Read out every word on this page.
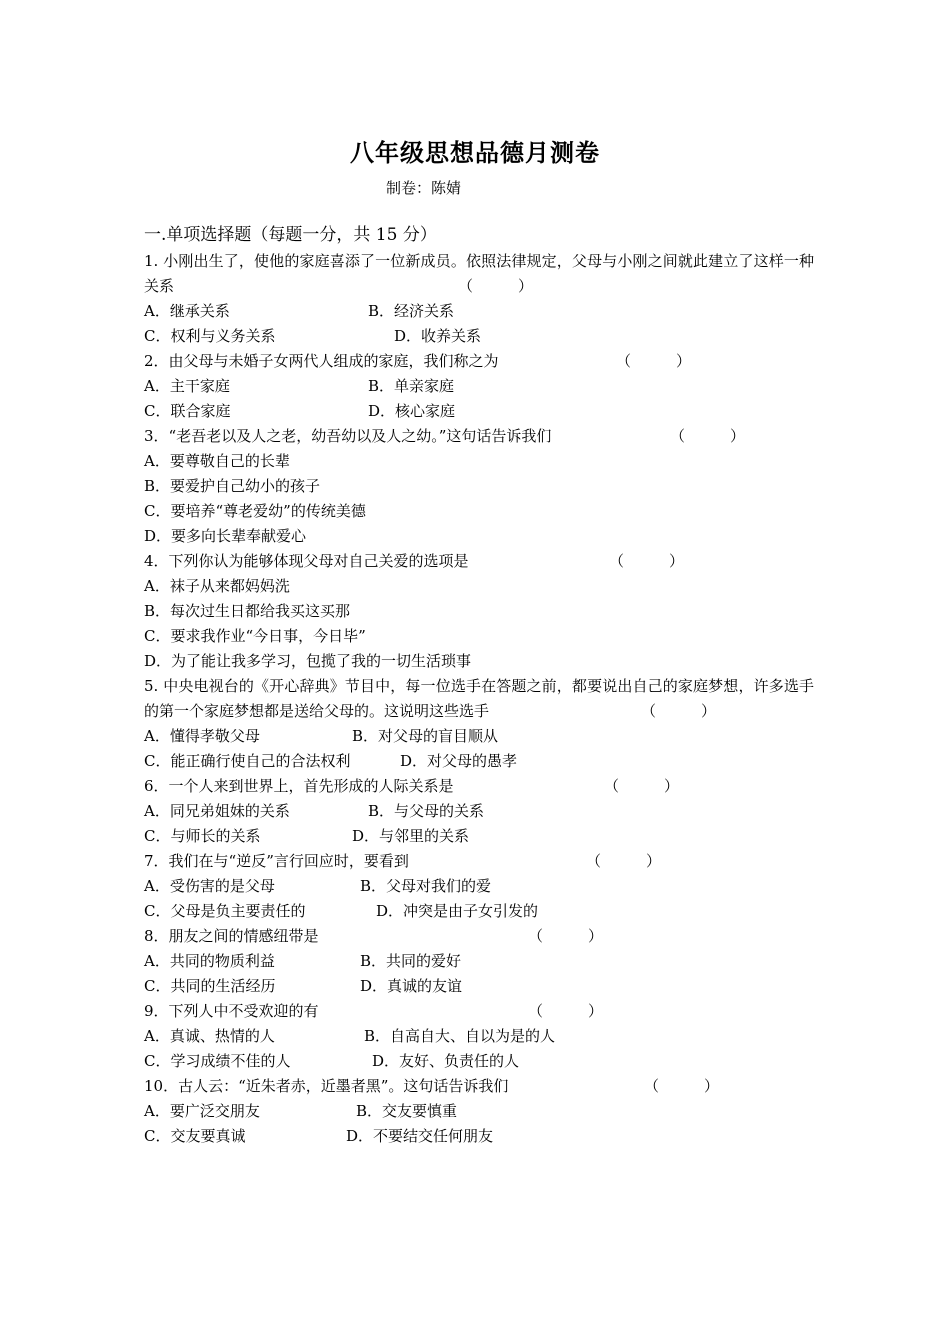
八年级思想品德月测卷
制卷：陈婧
一.单项选择题（每题一分，共 15 分）
1. 小刚出生了，使他的家庭喜添了一位新成员。依照法律规定，父母与小刚之间就此建立了这样一种关系	（　　　）
A．继承关系	B．经济关系
C．权利与义务关系	D．收养关系
2．由父母与未婚子女两代人组成的家庭，我们称之为	（　　　）
A．主干家庭	B．单亲家庭
C．联合家庭	D．核心家庭
3．“老吾老以及人之老，幼吾幼以及人之幼。”这句话告诉我们	（　　　）
A．要尊敬自己的长辈
B．要爱护自己幼小的孩子
C．要培养“尊老爱幼”的传统美德
D．要多向长辈奉献爱心
4．下列你认为能够体现父母对自己关爱的选项是	（　　　）
A．袜子从来都妈妈洗
B．每次过生日都给我买这买那
C．要求我作业“今日事，今日毕”
D．为了能让我多学习，包揽了我的一切生活琐事
5. 中央电视台的《开心辞典》节目中，每一位选手在答题之前，都要说出自己的家庭梦想，许多选手的第一个家庭梦想都是送给父母的。这说明这些选手	（　　　）
A．懂得孝敬父母	B．对父母的盲目顺从
C．能正确行使自己的合法权利	D．对父母的愚孝
6．一个人来到世界上，首先形成的人际关系是	（　　　）
A．同兄弟姐妹的关系	B．与父母的关系
C．与师长的关系	D．与邻里的关系
7．我们在与“逆反”言行回应时，要看到	（　　　）
A．受伤害的是父母	B．父母对我们的爱
C．父母是负主要责任的	D．冲突是由子女引发的
8．朋友之间的情感纽带是	（　　　）
A．共同的物质利益	B．共同的爱好
C．共同的生活经历	D．真诚的友谊
9．下列人中不受欢迎的有	（　　　）
A．真诚、热情的人	B．自高自大、自以为是的人
C．学习成绩不佳的人	D．友好、负责任的人
10．古人云：“近朱者赤，近墨者黑”。这句话告诉我们	（　　　）
A．要广泛交朋友	B．交友要慎重
C．交友要真诚	D．不要结交任何朋友
